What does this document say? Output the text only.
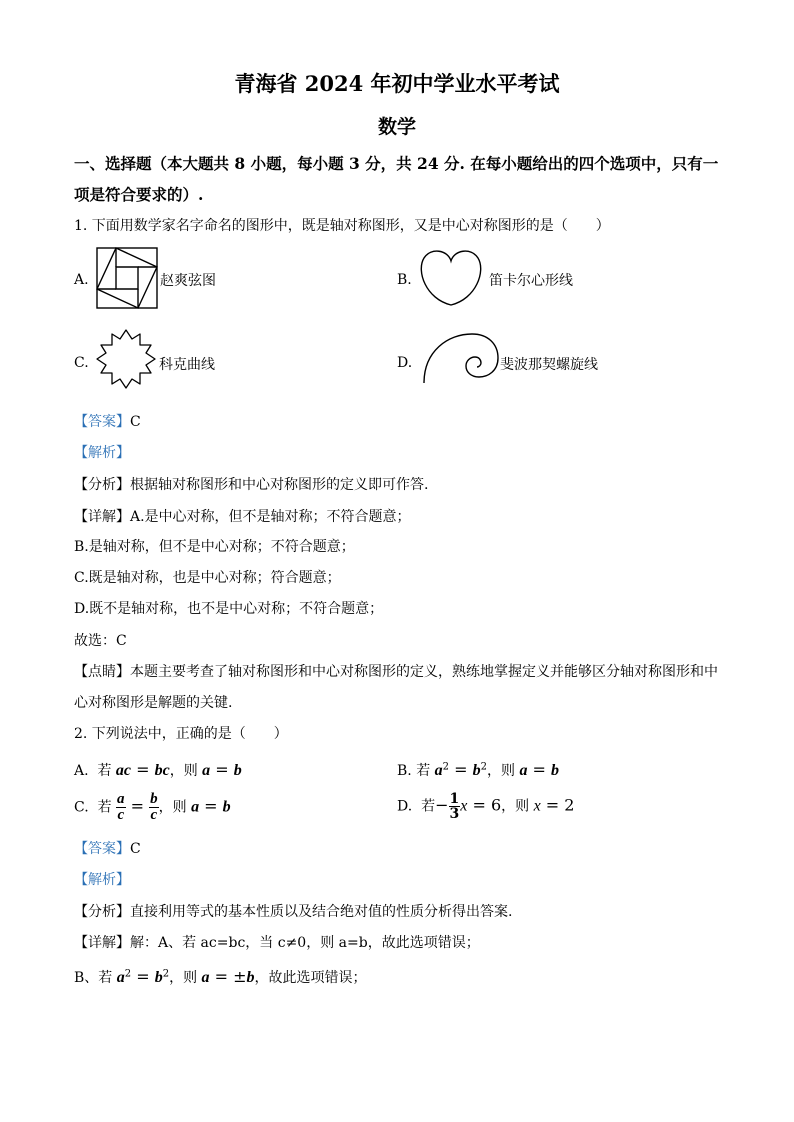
青海省 2024 年初中学业水平考试
数学
一、选择题（本大题共 8 小题，每小题 3 分，共 24 分. 在每小题给出的四个选项中，只有一
项是符合要求的）.
1. 下面用数学家名字命名的图形中，既是轴对称图形，又是中心对称图形的是（　　）
A.	赵爽弦图	B.	笛卡尔心形线
C.	科克曲线	D.	斐波那契螺旋线
【答案】C
【解析】
【分析】根据轴对称图形和中心对称图形的定义即可作答.
【详解】A.是中心对称，但不是轴对称；不符合题意；
B.是轴对称，但不是中心对称；不符合题意；
C.既是轴对称，也是中心对称；符合题意；
D.既不是轴对称，也不是中心对称；不符合题意；
故选：C
【点睛】本题主要考查了轴对称图形和中心对称图形的定义，熟练地掌握定义并能够区分轴对称图形和中
心对称图形是解题的关键.
2. 下列说法中，正确的是（　　）
A. 若 ac = bc，则 a = b	B. 若 $a^2 = b^2$，则 a = b
C. 若 $\frac{a}{c} = \frac{b}{c}$ ，则 a = b	D. 若− $\frac{1}{3}$ x = 6，则 x = 2
【答案】C
【解析】
【分析】直接利用等式的基本性质以及结合绝对值的性质分析得出答案.
【详解】解：A、若 ac=bc，当 c≠0，则 a=b，故此选项错误；
B、若 $a^2 = b^2$，则 a = ±b，故此选项错误；
